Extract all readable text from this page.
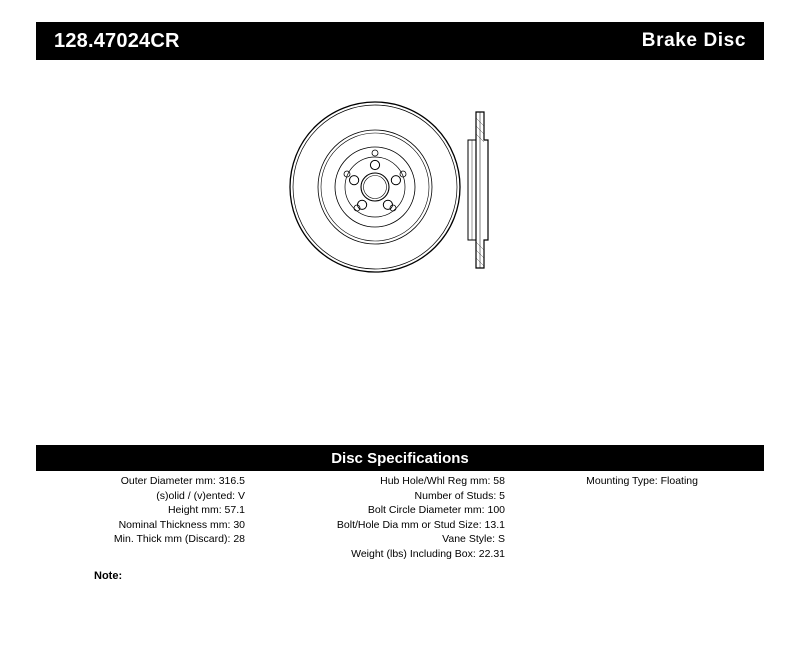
128.47024CR	Brake Disc
Disc Specifications
Outer Diameter mm: 316.5
(s)olid / (v)ented: V
Height mm: 57.1
Nominal Thickness mm: 30
Min. Thick mm (Discard): 28
Hub Hole/Whl Reg mm: 58
Number of Studs: 5
Bolt Circle Diameter mm: 100
Bolt/Hole Dia mm or Stud Size: 13.1
Vane Style: S
Weight (lbs) Including Box: 22.31
Mounting Type: Floating
Note:
